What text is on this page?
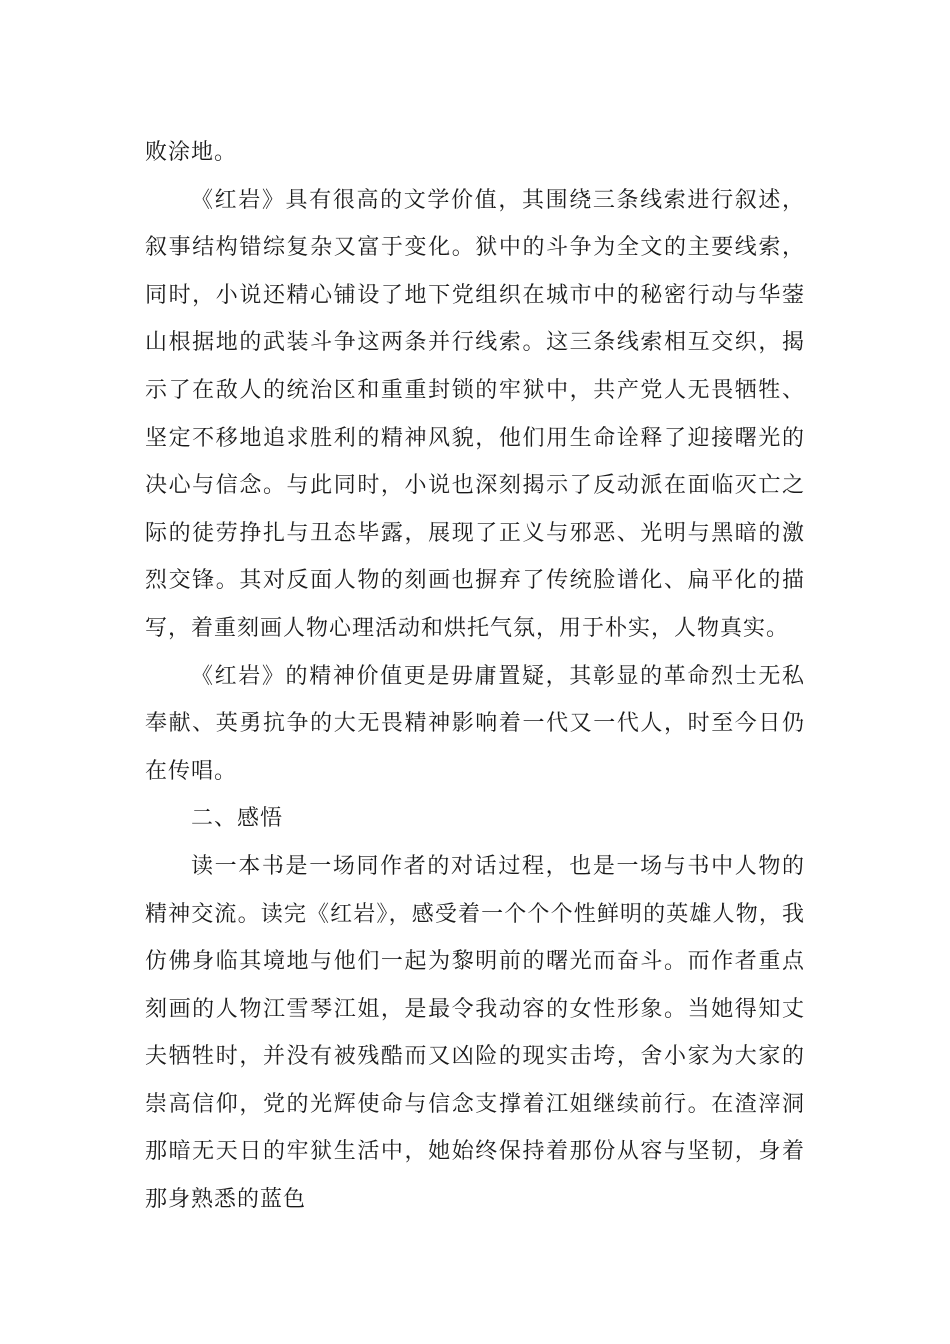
败涂地。

《红岩》具有很高的文学价值，其围绕三条线索进行叙述，叙事结构错综复杂又富于变化。狱中的斗争为全文的主要线索，同时，小说还精心铺设了地下党组织在城市中的秘密行动与华蓥山根据地的武装斗争这两条并行线索。这三条线索相互交织，揭示了在敌人的统治区和重重封锁的牢狱中，共产党人无畏牺牲、坚定不移地追求胜利的精神风貌，他们用生命诠释了迎接曙光的决心与信念。与此同时，小说也深刻揭示了反动派在面临灭亡之际的徒劳挣扎与丑态毕露，展现了正义与邪恶、光明与黑暗的激烈交锋。其对反面人物的刻画也摒弃了传统脸谱化、扁平化的描写，着重刻画人物心理活动和烘托气氛，用于朴实，人物真实。

《红岩》的精神价值更是毋庸置疑，其彰显的革命烈士无私奉献、英勇抗争的大无畏精神影响着一代又一代人，时至今日仍在传唱。

二、感悟

读一本书是一场同作者的对话过程，也是一场与书中人物的精神交流。读完《红岩》，感受着一个个个性鲜明的英雄人物，我仿佛身临其境地与他们一起为黎明前的曙光而奋斗。而作者重点刻画的人物江雪琴江姐，是最令我动容的女性形象。当她得知丈夫牺牲时，并没有被残酷而又凶险的现实击垮，舍小家为大家的崇高信仰，党的光辉使命与信念支撑着江姐继续前行。在渣滓洞那暗无天日的牢狱生活中，她始终保持着那份从容与坚韧，身着那身熟悉的蓝色
